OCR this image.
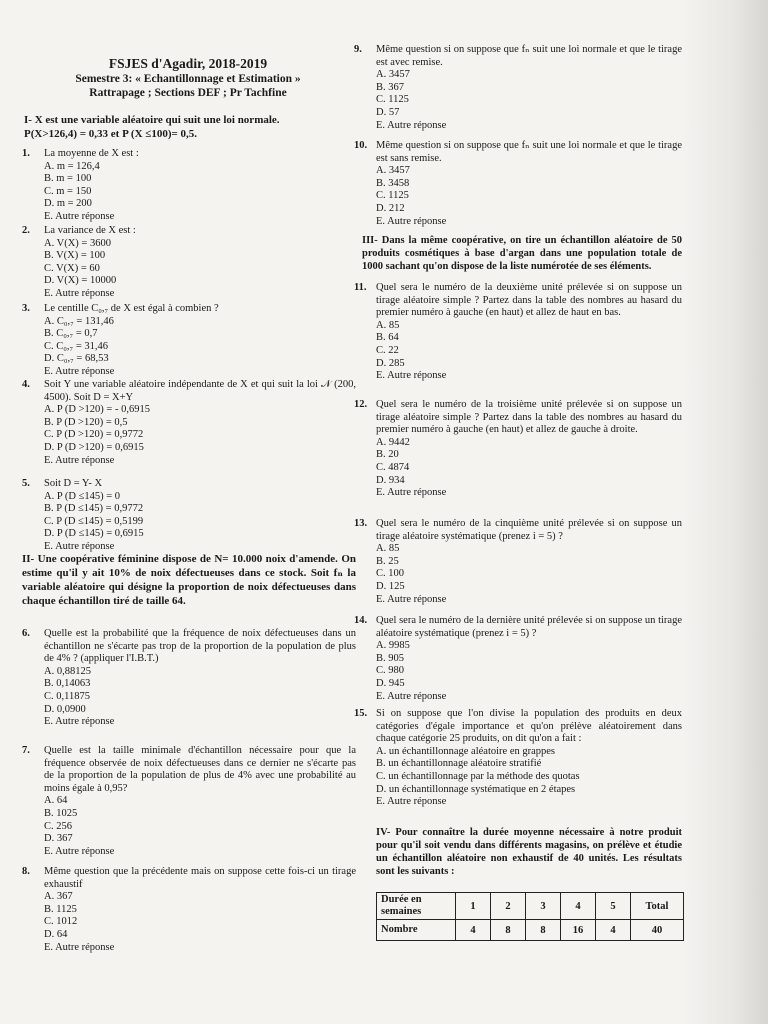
FSJES d'Agadir, 2018-2019
Semestre 3: « Echantillonnage et Estimation »
Rattrapage ; Sections DEF ; Pr Tachfine
I- X est une variable aléatoire qui suit une loi normale.
P(X>126,4) = 0,33 et P (X ≤100)= 0,5.
1. La moyenne de X est :
A. m = 126,4
B. m = 100
C. m = 150
D. m = 200
E. Autre réponse
2. La variance de X est :
A. V(X) = 3600
B. V(X) = 100
C. V(X) = 60
D. V(X) = 10000
E. Autre réponse
3. Le centille C₀,₇ de X est égal à combien ?
A. C₀,₇ = 131,46
B. C₀,₇ = 0,7
C. C₀,₇ = 31,46
D. C₀,₇ = 68,53
E. Autre réponse
4. Soit Y une variable aléatoire indépendante de X et qui suit la loi 𝒩 (200, 4500). Soit D = X+Y
A. P (D >120) = - 0,6915
B. P (D >120) = 0,5
C. P (D >120) = 0,9772
D. P (D >120) = 0,6915
E. Autre réponse
5. Soit D = Y- X
A. P (D ≤145) = 0
B. P (D ≤145) = 0,9772
C. P (D ≤145) = 0,5199
D. P (D ≤145) = 0,6915
E. Autre réponse
II- Une coopérative féminine dispose de N= 10.000 noix d'amende. On estime qu'il y ait 10% de noix défectueuses dans ce stock. Soit fₙ la variable aléatoire qui désigne la proportion de noix défectueuses dans chaque échantillon tiré de taille 64.
6. Quelle est la probabilité que la fréquence de noix défectueuses dans un échantillon ne s'écarte pas trop de la proportion de la population de plus de 4% ? (appliquer l'I.B.T.)
A. 0,88125
B. 0,14063
C. 0,11875
D. 0,0900
E. Autre réponse
7. Quelle est la taille minimale d'échantillon nécessaire pour que la fréquence observée de noix défectueuses dans ce dernier ne s'écarte pas de la proportion de la population de plus de 4% avec une probabilité au moins égale à 0,95?
A. 64
B. 1025
C. 256
D. 367
E. Autre réponse
8. Même question que la précédente mais on suppose cette fois-ci un tirage exhaustif
A. 367
B. 1125
C. 1012
D. 64
E. Autre réponse
9. Même question si on suppose que fₙ suit une loi normale et que le tirage est avec remise.
A. 3457
B. 367
C. 1125
D. 57
E. Autre réponse
10. Même question si on suppose que fₙ suit une loi normale et que le tirage est sans remise.
A. 3457
B. 3458
C. 1125
D. 212
E. Autre réponse
III- Dans la même coopérative, on tire un échantillon aléatoire de 50 produits cosmétiques à base d'argan dans une population totale de 1000 sachant qu'on dispose de la liste numérotée de ses éléments.
11. Quel sera le numéro de la deuxième unité prélevée si on suppose un tirage aléatoire simple ? Partez dans la table des nombres au hasard du premier numéro à gauche (en haut) et allez de haut en bas.
A. 85
B. 64
C. 22
D. 285
E. Autre réponse
12. Quel sera le numéro de la troisième unité prélevée si on suppose un tirage aléatoire simple ? Partez dans la table des nombres au hasard du premier numéro à gauche (en haut) et allez de gauche à droite.
A. 9442
B. 20
C. 4874
D. 934
E. Autre réponse
13. Quel sera le numéro de la cinquième unité prélevée si on suppose un tirage aléatoire systématique (prenez i = 5) ?
A. 85
B. 25
C. 100
D. 125
E. Autre réponse
14. Quel sera le numéro de la dernière unité prélevée si on suppose un tirage aléatoire systématique (prenez i = 5) ?
A. 9985
B. 905
C. 980
D. 945
E. Autre réponse
15. Si on suppose que l'on divise la population des produits en deux catégories d'égale importance et qu'on prélève aléatoirement dans chaque catégorie 25 produits, on dit qu'on a fait :
A. un échantillonnage aléatoire en grappes
B. un échantillonnage aléatoire stratifié
C. un échantillonnage par la méthode des quotas
D. un échantillonnage systématique en 2 étapes
E. Autre réponse
IV- Pour connaître la durée moyenne nécessaire à notre produit pour qu'il soit vendu dans différents magasins, on prélève et étudie un échantillon aléatoire non exhaustif de 40 unités. Les résultats sont les suivants :
Durée en semaines	1	2	3	4	5	Total
Nombre	4	8	8	16	4	40
